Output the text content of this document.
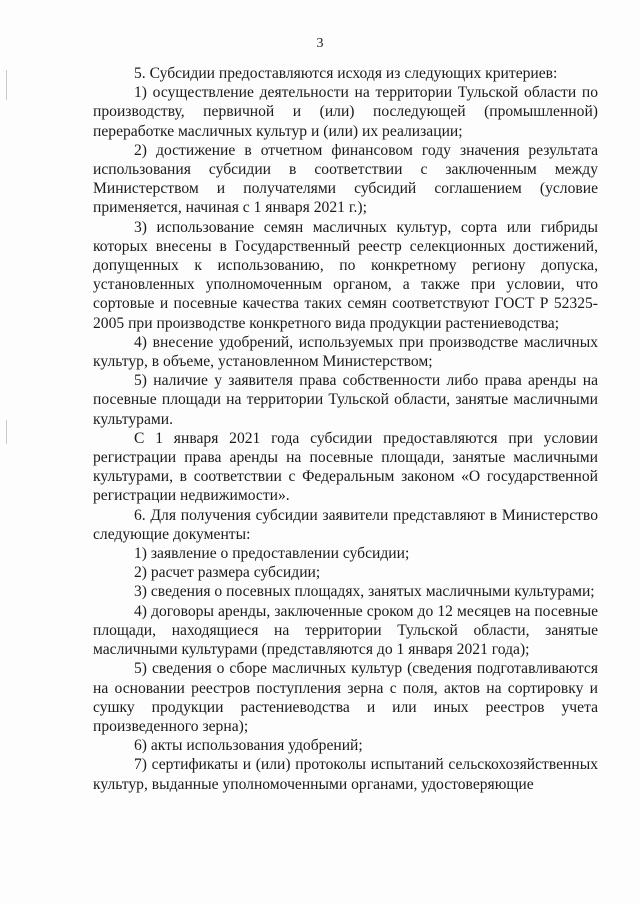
3

5. Субсидии предоставляются исходя из следующих критериев:

1) осуществление деятельности на территории Тульской области по производству, первичной и (или) последующей (промышленной) переработке масличных культур и (или) их реализации;

2) достижение в отчетном финансовом году значения результата использования субсидии в соответствии с заключенным между Министерством и получателями субсидий соглашением (условие применяется, начиная с 1 января 2021 г.);

3) использование семян масличных культур, сорта или гибриды которых внесены в Государственный реестр селекционных достижений, допущенных к использованию, по конкретному региону допуска, установленных уполномоченным органом, а также при условии, что сортовые и посевные качества таких семян соответствуют ГОСТ Р 52325-2005 при производстве конкретного вида продукции растениеводства;

4) внесение удобрений, используемых при производстве масличных культур, в объеме, установленном Министерством;

5) наличие у заявителя права собственности либо права аренды на посевные площади на территории Тульской области, занятые масличными культурами.

С 1 января 2021 года субсидии предоставляются при условии регистрации права аренды на посевные площади, занятые масличными культурами, в соответствии с Федеральным законом «О государственной регистрации недвижимости».

6. Для получения субсидии заявители представляют в Министерство следующие документы:

1) заявление о предоставлении субсидии;

2) расчет размера субсидии;

3) сведения о посевных площадях, занятых масличными культурами;

4) договоры аренды, заключенные сроком до 12 месяцев на посевные площади, находящиеся на территории Тульской области, занятые масличными культурами (представляются до 1 января 2021 года);

5) сведения о сборе масличных культур (сведения подготавливаются на основании реестров поступления зерна с поля, актов на сортировку и сушку продукции растениеводства и или иных реестров учета произведенного зерна);

6) акты использования удобрений;

7) сертификаты и (или) протоколы испытаний сельскохозяйственных культур, выданные уполномоченными органами, удостоверяющие
